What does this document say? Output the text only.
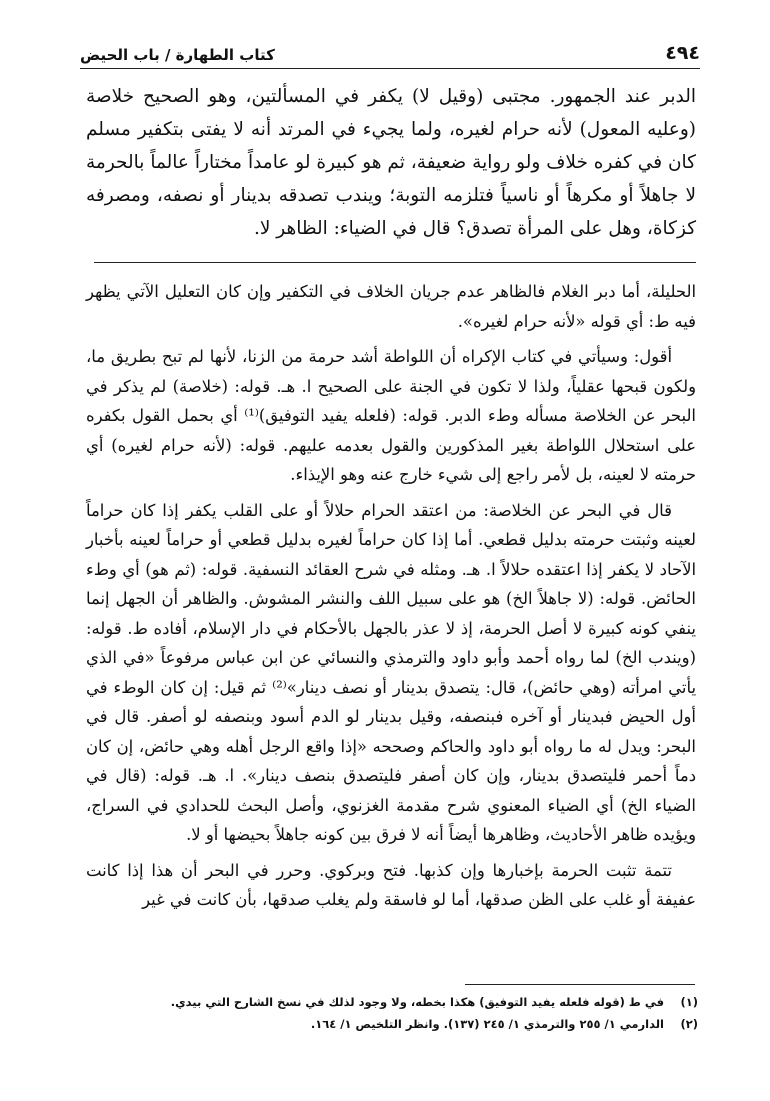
٤٩٤
كتاب الطهارة / باب الحيض
الدبر عند الجمهور. مجتبى (وقيل لا) يكفر في المسألتين، وهو الصحيح خلاصة (وعليه المعول) لأنه حرام لغيره، ولما يجيء في المرتد أنه لا يفتى بتكفير مسلم كان في كفره خلاف ولو رواية ضعيفة، ثم هو كبيرة لو عامداً مختاراً عالماً بالحرمة لا جاهلاً أو مكرهاً أو ناسياً فتلزمه التوبة؛ ويندب تصدقه بدينار أو نصفه، ومصرفه كزكاة، وهل على المرأة تصدق؟ قال في الضياء: الظاهر لا.

الحليلة، أما دبر الغلام فالظاهر عدم جريان الخلاف في التكفير وإن كان التعليل الآتي يظهر فيه ط: أي قوله «لأنه حرام لغيره».

أقول: وسيأتي في كتاب الإكراه أن اللواطة أشد حرمة من الزنا، لأنها لم تبح بطريق ما، ولكون قبحها عقلياً، ولذا لا تكون في الجنة على الصحيح ا. هـ. قوله: (خلاصة) لم يذكر في البحر عن الخلاصة مسأله وطء الدبر. قوله: (فلعله يفيد التوفيق)⁽¹⁾ أي بحمل القول بكفره على استحلال اللواطة بغير المذكورين والقول بعدمه عليهم. قوله: (لأنه حرام لغيره) أي حرمته لا لعينه، بل لأمر راجع إلى شيء خارج عنه وهو الإيذاء.

قال في البحر عن الخلاصة: من اعتقد الحرام حلالاً أو على القلب يكفر إذا كان حراماً لعينه وثبتت حرمته بدليل قطعي. أما إذا كان حراماً لغيره بدليل قطعي أو حراماً لعينه بأخبار الآحاد لا يكفر إذا اعتقده حلالاً ا. هـ. ومثله في شرح العقائد النسفية. قوله: (ثم هو) أي وطء الحائض. قوله: (لا جاهلاً الخ) هو على سبيل اللف والنشر المشوش. والظاهر أن الجهل إنما ينفي كونه كبيرة لا أصل الحرمة، إذ لا عذر بالجهل بالأحكام في دار الإسلام، أفاده ط. قوله: (ويندب الخ) لما رواه أحمد وأبو داود والترمذي والنسائي عن ابن عباس مرفوعاً «في الذي يأتي امرأته (وهي حائض)، قال: يتصدق بدينار أو نصف دينار»⁽²⁾ ثم قيل: إن كان الوطء في أول الحيض فبدينار أو آخره فبنصفه، وقيل بدينار لو الدم أسود وبنصفه لو أصفر. قال في البحر: ويدل له ما رواه أبو داود والحاكم وصححه «إذا واقع الرجل أهله وهي حائض، إن كان دماً أحمر فليتصدق بدينار، وإن كان أصفر فليتصدق بنصف دينار». ا. هـ. قوله: (قال في الضياء الخ) أي الضياء المعنوي شرح مقدمة الغزنوي، وأصل البحث للحدادي في السراج، ويؤيده ظاهر الأحاديث، وظاهرها أيضاً أنه لا فرق بين كونه جاهلاً بحيضها أو لا.

تتمة تثبت الحرمة بإخبارها وإن كذبها. فتح وبركوي. وحرر في البحر أن هذا إذا كانت عفيفة أو غلب على الظن صدقها، أما لو فاسقة ولم يغلب صدقها، بأن كانت في غير

(١)
في ط (قوله فلعله يفيد التوفيق) هكذا بخطه، ولا وجود لذلك في نسخ الشارح التي بيدي.
(٢)
الدارمي ١/ ٢٥٥ والترمذي ١/ ٢٤٥ (١٣٧). وانظر التلخيص ١/ ١٦٤.
